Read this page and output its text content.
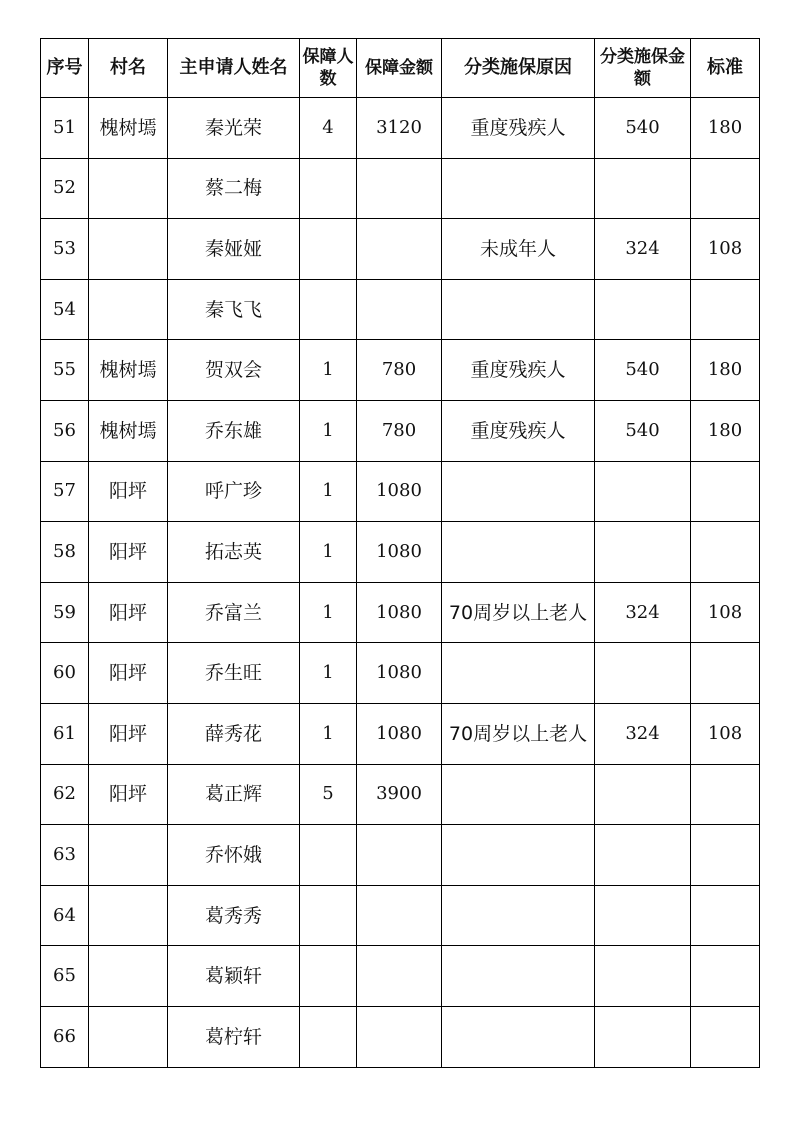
序号	村名	主申请人姓名	保障人数	保障金额	分类施保原因	分类施保金额	标准
51	槐树墕	秦光荣	4	3120	重度残疾人	540	180
52		蔡二梅					
53		秦娅娅			未成年人	324	108
54		秦飞飞					
55	槐树墕	贺双会	1	780	重度残疾人	540	180
56	槐树墕	乔东雄	1	780	重度残疾人	540	180
57	阳坪	呼广珍	1	1080			
58	阳坪	拓志英	1	1080			
59	阳坪	乔富兰	1	1080	70周岁以上老人	324	108
60	阳坪	乔生旺	1	1080			
61	阳坪	薛秀花	1	1080	70周岁以上老人	324	108
62	阳坪	葛正辉	5	3900			
63		乔怀娥					
64		葛秀秀					
65		葛颖轩					
66		葛柠轩					
